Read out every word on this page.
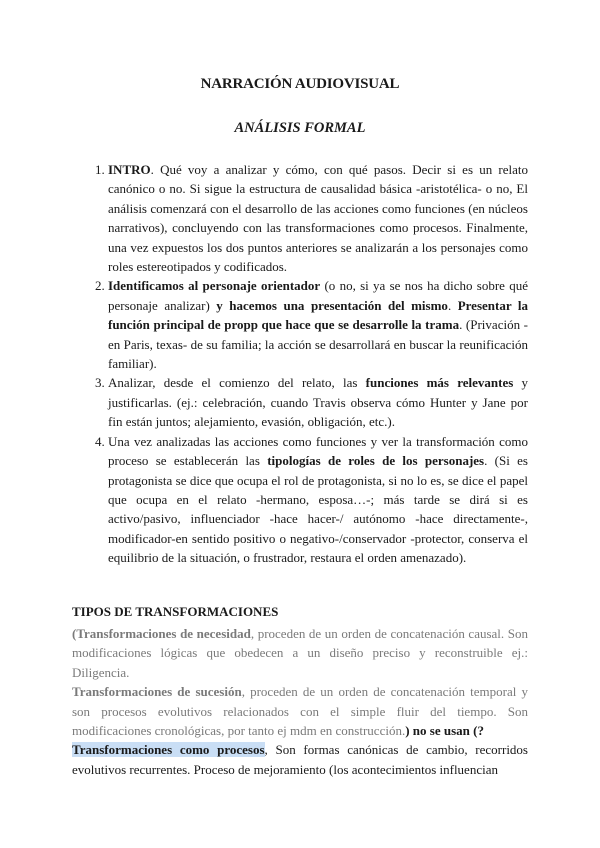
NARRACIÓN AUDIOVISUAL
ANÁLISIS FORMAL
1. INTRO. Qué voy a analizar y cómo, con qué pasos. Decir si es un relato canónico o no. Si sigue la estructura de causalidad básica -aristotélica- o no, El análisis comenzará con el desarrollo de las acciones como funciones (en núcleos narrativos), concluyendo con las transformaciones como procesos. Finalmente, una vez expuestos los dos puntos anteriores se analizarán a los personajes como roles estereotipados y codificados.
2. Identificamos al personaje orientador (o no, si ya se nos ha dicho sobre qué personaje analizar) y hacemos una presentación del mismo. Presentar la función principal de propp que hace que se desarrolle la trama. (Privación -en Paris, texas- de su familia; la acción se desarrollará en buscar la reunificación familiar).
3. Analizar, desde el comienzo del relato, las funciones más relevantes y justificarlas. (ej.: celebración, cuando Travis observa cómo Hunter y Jane por fin están juntos; alejamiento, evasión, obligación, etc.).
4. Una vez analizadas las acciones como funciones y ver la transformación como proceso se establecerán las tipologías de roles de los personajes. (Si es protagonista se dice que ocupa el rol de protagonista, si no lo es, se dice el papel que ocupa en el relato -hermano, esposa…-; más tarde se dirá si es activo/pasivo, influenciador -hace hacer-/ autónomo -hace directamente-, modificador-en sentido positivo o negativo-/conservador -protector, conserva el equilibrio de la situación, o frustrador, restaura el orden amenazado).
TIPOS DE TRANSFORMACIONES

(Transformaciones de necesidad, proceden de un orden de concatenación causal. Son modificaciones lógicas que obedecen a un diseño preciso y reconstruible ej.: Diligencia.

Transformaciones de sucesión, proceden de un orden de concatenación temporal y son procesos evolutivos relacionados con el simple fluir del tiempo. Son modificaciones cronológicas, por tanto ej mdm en construcción.) no se usan (?

Transformaciones como procesos, Son formas canónicas de cambio, recorridos evolutivos recurrentes. Proceso de mejoramiento (los acontecimientos influencian
